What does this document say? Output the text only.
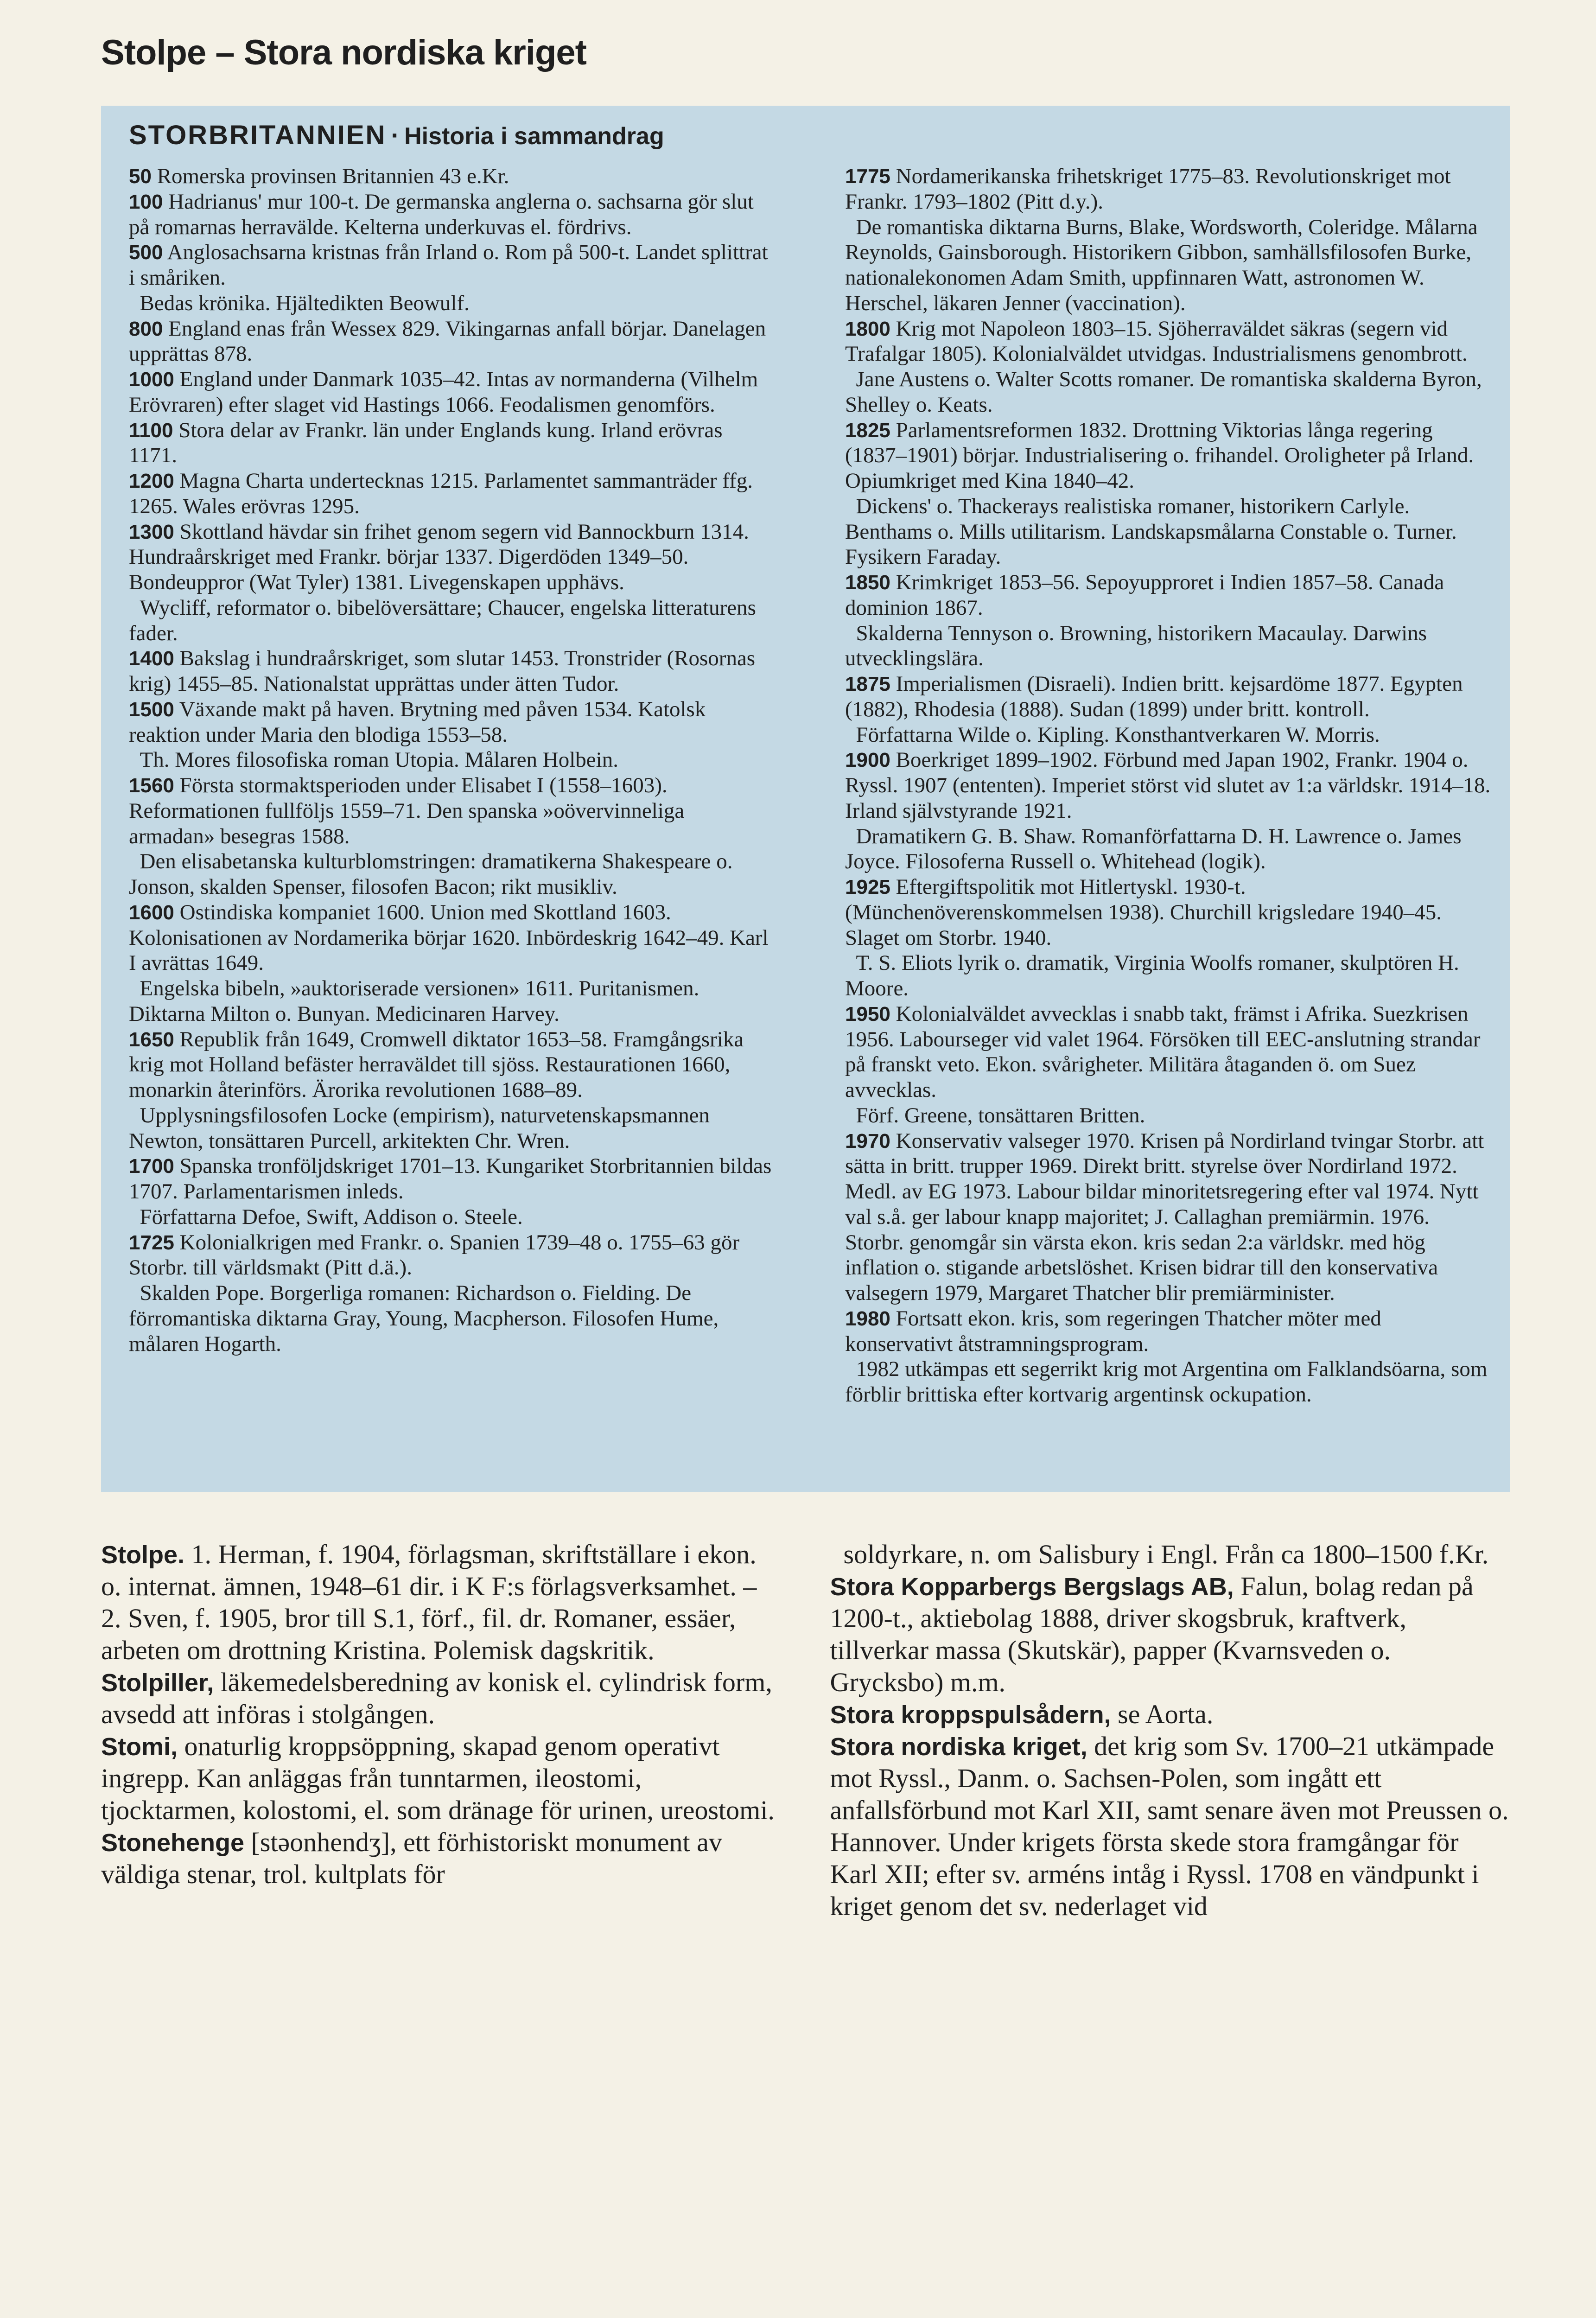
Stolpe – Stora nordiska kriget
STORBRITANNIEN · Historia i sammandrag

50 Romerska provinsen Britannien 43 e.Kr.

100 Hadrianus' mur 100-t. De germanska anglerna o. sachsarna gör slut på romarnas herravälde. Kelterna underkuvas el. fördrivs.

500 Anglosachsarna kristnas från Irland o. Rom på 500-t. Landet splittrat i småriken.

Bedas krönika. Hjältedikten Beowulf.

800 England enas från Wessex 829. Vikingarnas anfall börjar. Danelagen upprättas 878.

1000 England under Danmark 1035–42. Intas av normanderna (Vilhelm Erövraren) efter slaget vid Hastings 1066. Feodalismen genomförs.

1100 Stora delar av Frankr. län under Englands kung. Irland erövras 1171.

1200 Magna Charta undertecknas 1215. Parlamentet sammanträder ffg. 1265. Wales erövras 1295.

1300 Skottland hävdar sin frihet genom segern vid Bannockburn 1314. Hundraårskriget med Frankr. börjar 1337. Digerdöden 1349–50. Bondeuppror (Wat Tyler) 1381. Livegenskapen upphävs.

Wycliff, reformator o. bibelöversättare; Chaucer, engelska litteraturens fader.

1400 Bakslag i hundraårskriget, som slutar 1453. Tronstrider (Rosornas krig) 1455–85. Nationalstat upprättas under ätten Tudor.

1500 Växande makt på haven. Brytning med påven 1534. Katolsk reaktion under Maria den blodiga 1553–58.

Th. Mores filosofiska roman Utopia. Målaren Holbein.

1560 Första stormaktsperioden under Elisabet I (1558–1603). Reformationen fullföljs 1559–71. Den spanska »oövervinneliga armadan» besegras 1588.

Den elisabetanska kulturblomstringen: dramatikerna Shakespeare o. Jonson, skalden Spenser, filosofen Bacon; rikt musikliv.

1600 Ostindiska kompaniet 1600. Union med Skottland 1603. Kolonisationen av Nordamerika börjar 1620. Inbördeskrig 1642–49. Karl I avrättas 1649.

Engelska bibeln, »auktoriserade versionen» 1611. Puritanismen. Diktarna Milton o. Bunyan. Medicinaren Harvey.

1650 Republik från 1649, Cromwell diktator 1653–58. Framgångsrika krig mot Holland befäster herraväldet till sjöss. Restaurationen 1660, monarkin återinförs. Ärorika revolutionen 1688–89.

Upplysningsfilosofen Locke (empirism), naturvetenskapsmannen Newton, tonsättaren Purcell, arkitekten Chr. Wren.

1700 Spanska tronföljdskriget 1701–13. Kungariket Storbritannien bildas 1707. Parlamentarismen inleds.

Författarna Defoe, Swift, Addison o. Steele.

1725 Kolonialkrigen med Frankr. o. Spanien 1739–48 o. 1755–63 gör Storbr. till världsmakt (Pitt d.ä.).

Skalden Pope. Borgerliga romanen: Richardson o. Fielding. De förromantiska diktarna Gray, Young, Macpherson. Filosofen Hume, målaren Hogarth.

1775 Nordamerikanska frihetskriget 1775–83. Revolutionskriget mot Frankr. 1793–1802 (Pitt d.y.).

De romantiska diktarna Burns, Blake, Wordsworth, Coleridge. Målarna Reynolds, Gainsborough. Historikern Gibbon, samhällsfilosofen Burke, nationalekonomen Adam Smith, uppfinnaren Watt, astronomen W. Herschel, läkaren Jenner (vaccination).

1800 Krig mot Napoleon 1803–15. Sjöherraväldet säkras (segern vid Trafalgar 1805). Kolonialväldet utvidgas. Industrialismens genombrott.

Jane Austens o. Walter Scotts romaner. De romantiska skalderna Byron, Shelley o. Keats.

1825 Parlamentsreformen 1832. Drottning Viktorias långa regering (1837–1901) börjar. Industrialisering o. frihandel. Oroligheter på Irland. Opiumkriget med Kina 1840–42.

Dickens' o. Thackerays realistiska romaner, historikern Carlyle. Benthams o. Mills utilitarism. Landskapsmålarna Constable o. Turner. Fysikern Faraday.

1850 Krimkriget 1853–56. Sepoyupproret i Indien 1857–58. Canada dominion 1867.

Skalderna Tennyson o. Browning, historikern Macaulay. Darwins utvecklingslära.

1875 Imperialismen (Disraeli). Indien britt. kejsardöme 1877. Egypten (1882), Rhodesia (1888). Sudan (1899) under britt. kontroll.

Författarna Wilde o. Kipling. Konsthantverkaren W. Morris.

1900 Boerkriget 1899–1902. Förbund med Japan 1902, Frankr. 1904 o. Ryssl. 1907 (ententen). Imperiet störst vid slutet av 1:a världskr. 1914–18. Irland självstyrande 1921.

Dramatikern G. B. Shaw. Romanförfattarna D. H. Lawrence o. James Joyce. Filosoferna Russell o. Whitehead (logik).

1925 Eftergiftspolitik mot Hitlertyskl. 1930-t. (Münchenöverenskommelsen 1938). Churchill krigsledare 1940–45. Slaget om Storbr. 1940.

T. S. Eliots lyrik o. dramatik, Virginia Woolfs romaner, skulptören H. Moore.

1950 Kolonialväldet avvecklas i snabb takt, främst i Afrika. Suezkrisen 1956. Labourseger vid valet 1964. Försöken till EEC-anslutning strandar på franskt veto. Ekon. svårigheter. Militära åtaganden ö. om Suez avvecklas.

Förf. Greene, tonsättaren Britten.

1970 Konservativ valseger 1970. Krisen på Nordirland tvingar Storbr. att sätta in britt. trupper 1969. Direkt britt. styrelse över Nordirland 1972. Medl. av EG 1973. Labour bildar minoritetsregering efter val 1974. Nytt val s.å. ger labour knapp majoritet; J. Callaghan premiärmin. 1976. Storbr. genomgår sin värsta ekon. kris sedan 2:a världskr. med hög inflation o. stigande arbetslöshet. Krisen bidrar till den konservativa valsegern 1979, Margaret Thatcher blir premiärminister.

1980 Fortsatt ekon. kris, som regeringen Thatcher möter med konservativt åtstramningsprogram.

1982 utkämpas ett segerrikt krig mot Argentina om Falklandsöarna, som förblir brittiska efter kortvarig argentinsk ockupation.

Stolpe. 1. Herman, f. 1904, förlagsman, skriftställare i ekon. o. internat. ämnen, 1948–61 dir. i K F:s förlagsverksamhet. – 2. Sven, f. 1905, bror till S.1, förf., fil. dr. Romaner, essäer, arbeten om drottning Kristina. Polemisk dagskritik.

Stolpiller, läkemedelsberedning av konisk el. cylindrisk form, avsedd att införas i stolgången.

Stomi, onaturlig kroppsöppning, skapad genom operativt ingrepp. Kan anläggas från tunntarmen, ileostomi, tjocktarmen, kolostomi, el. som dränage för urinen, ureostomi.

Stonehenge [stəonhendʒ], ett förhistoriskt monument av väldiga stenar, trol. kultplats för

soldyrkare, n. om Salisbury i Engl. Från ca 1800–1500 f.Kr.

Stora Kopparbergs Bergslags AB, Falun, bolag redan på 1200-t., aktiebolag 1888, driver skogsbruk, kraftverk, tillverkar massa (Skutskär), papper (Kvarnsveden o. Grycksbo) m.m.

Stora kroppspulsådern, se Aorta.

Stora nordiska kriget, det krig som Sv. 1700–21 utkämpade mot Ryssl., Danm. o. Sachsen-Polen, som ingått ett anfallsförbund mot Karl XII, samt senare även mot Preussen o. Hannover. Under krigets första skede stora framgångar för Karl XII; efter sv. arméns intåg i Ryssl. 1708 en vändpunkt i kriget genom det sv. nederlaget vid
